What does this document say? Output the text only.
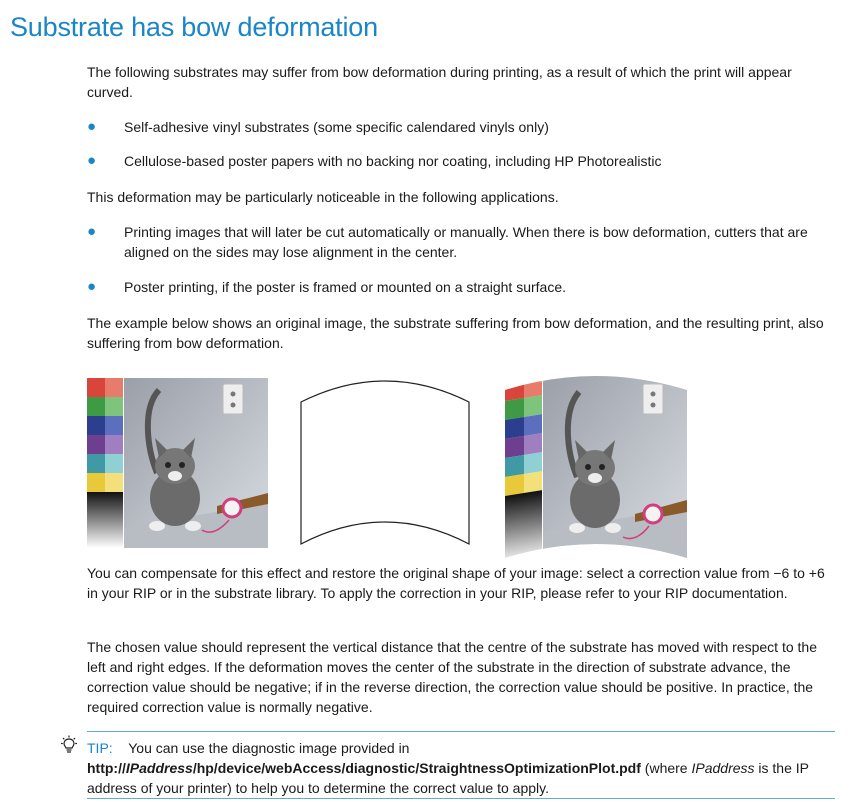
Substrate has bow deformation

The following substrates may suffer from bow deformation during printing, as a result of which the print will appear curved.

● Self-adhesive vinyl substrates (some specific calendared vinyls only)
● Cellulose-based poster papers with no backing nor coating, including HP Photorealistic

This deformation may be particularly noticeable in the following applications.

● Printing images that will later be cut automatically or manually. When there is bow deformation, cutters that are aligned on the sides may lose alignment in the center.
● Poster printing, if the poster is framed or mounted on a straight surface.

The example below shows an original image, the substrate suffering from bow deformation, and the resulting print, also suffering from bow deformation.

You can compensate for this effect and restore the original shape of your image: select a correction value from −6 to +6 in your RIP or in the substrate library. To apply the correction in your RIP, please refer to your RIP documentation.

The chosen value should represent the vertical distance that the centre of the substrate has moved with respect to the left and right edges. If the deformation moves the center of the substrate in the direction of substrate advance, the correction value should be negative; if in the reverse direction, the correction value should be positive. In practice, the required correction value is normally negative.

TIP: You can use the diagnostic image provided in http://IPaddress/hp/device/webAccess/diagnostic/StraightnessOptimizationPlot.pdf (where IPaddress is the IP address of your printer) to help you to determine the correct value to apply.
